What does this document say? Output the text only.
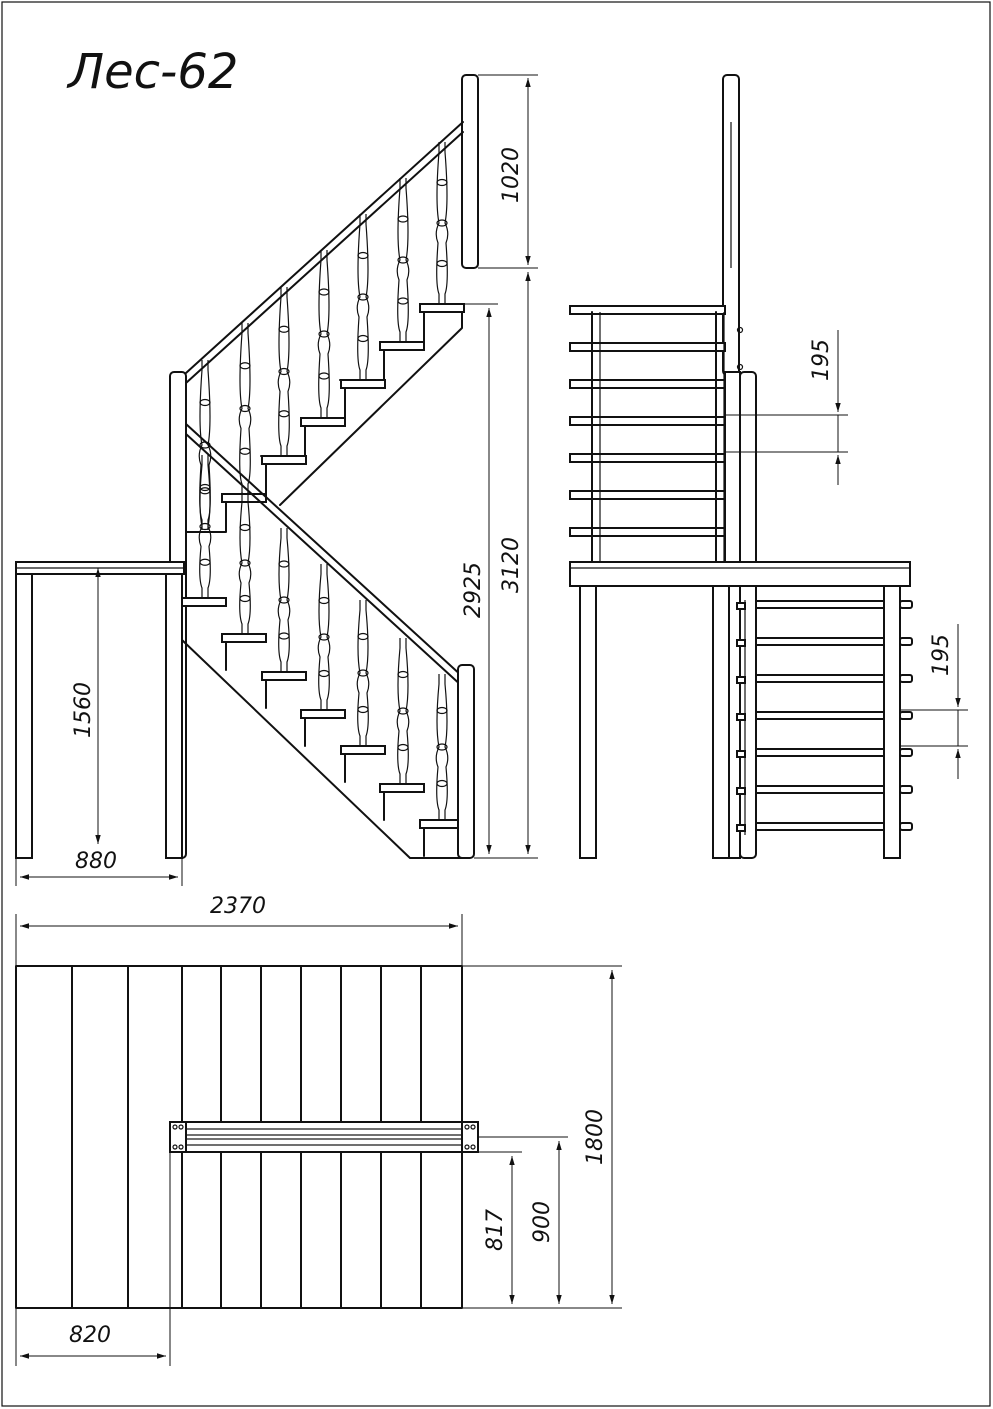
Лес-62
1020
2925 3120
1560
880
195
195
2370
1800
900
817
820
